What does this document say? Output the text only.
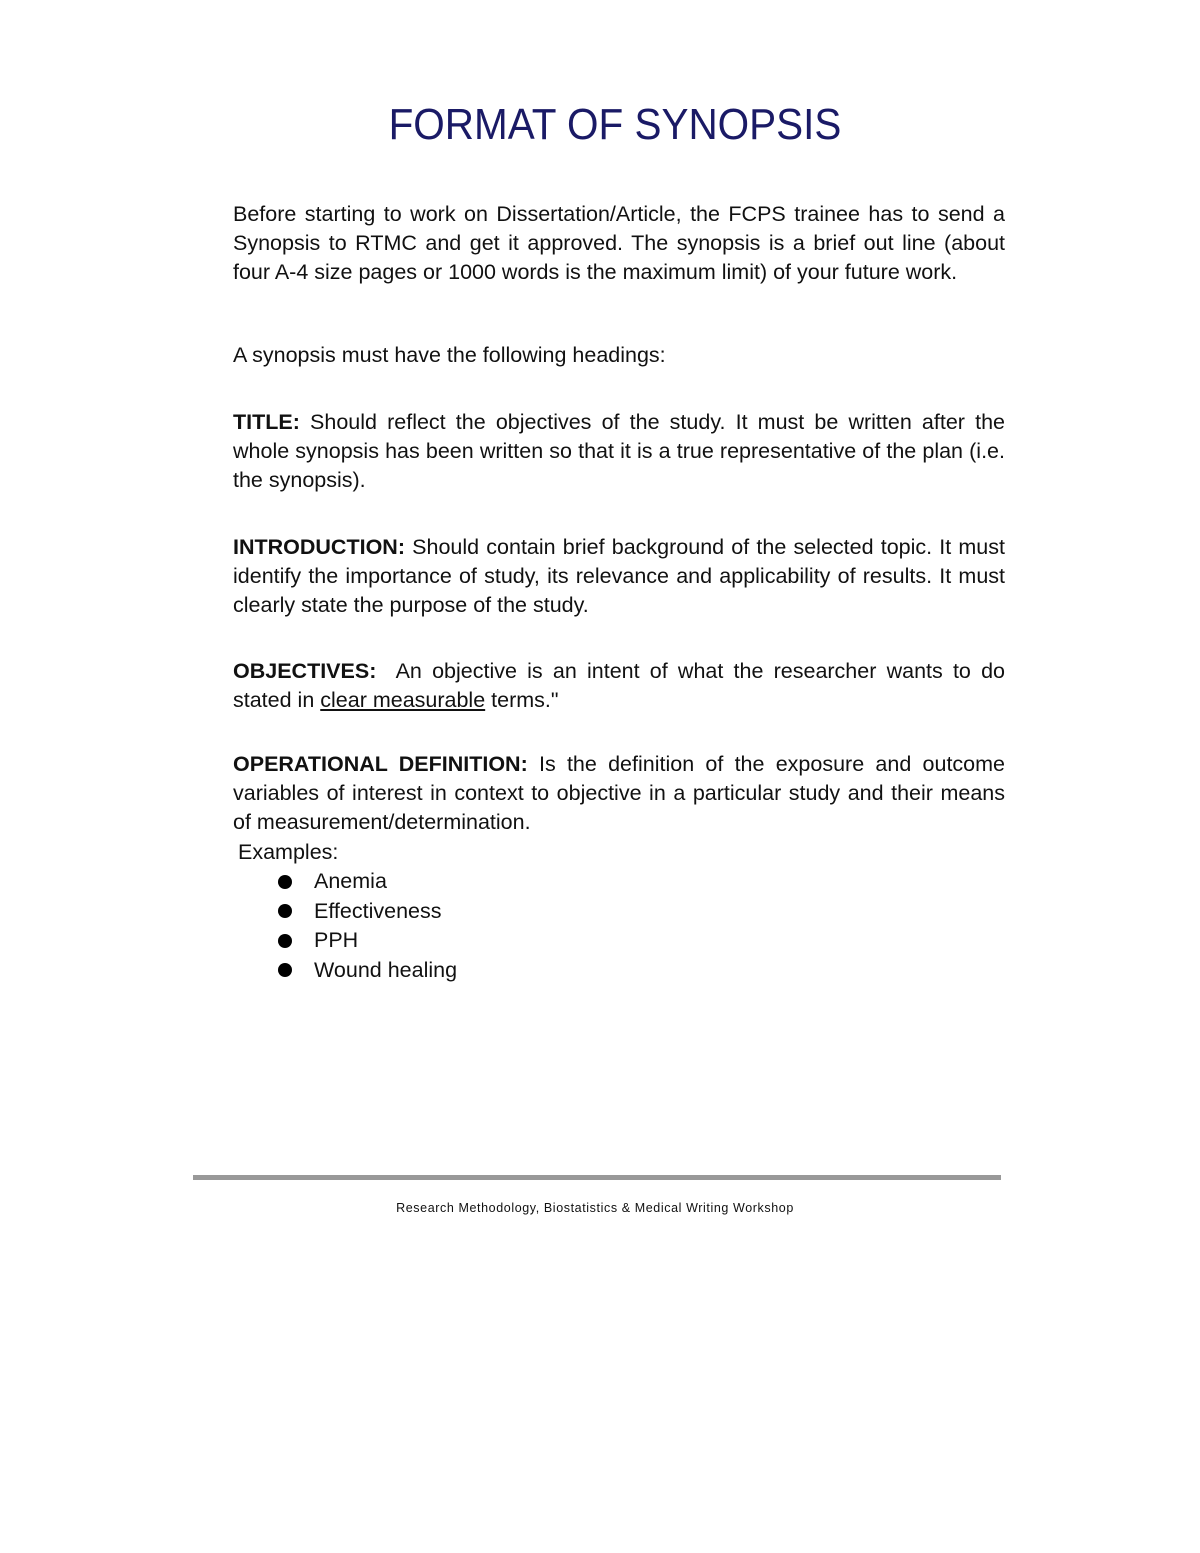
FORMAT OF SYNOPSIS

Before starting to work on Dissertation/Article, the FCPS trainee has to send a Synopsis to RTMC and get it approved. The synopsis is a brief out line (about four A-4 size pages or 1000 words is the maximum limit) of your future work.

A synopsis must have the following headings:

TITLE: Should reflect the objectives of the study. It must be written after the whole synopsis has been written so that it is a true representative of the plan (i.e. the synopsis).

INTRODUCTION: Should contain brief background of the selected topic. It must identify the importance of study, its relevance and applicability of results. It must clearly state the purpose of the study.

OBJECTIVES:  An objective is an intent of what the researcher wants to do stated in clear measurable terms."

OPERATIONAL DEFINITION: Is the definition of the exposure and outcome variables of interest in context to objective in a particular study and their means of measurement/determination.

Examples:

Anemia
Effectiveness
PPH
Wound healing

Research Methodology, Biostatistics & Medical Writing Workshop
